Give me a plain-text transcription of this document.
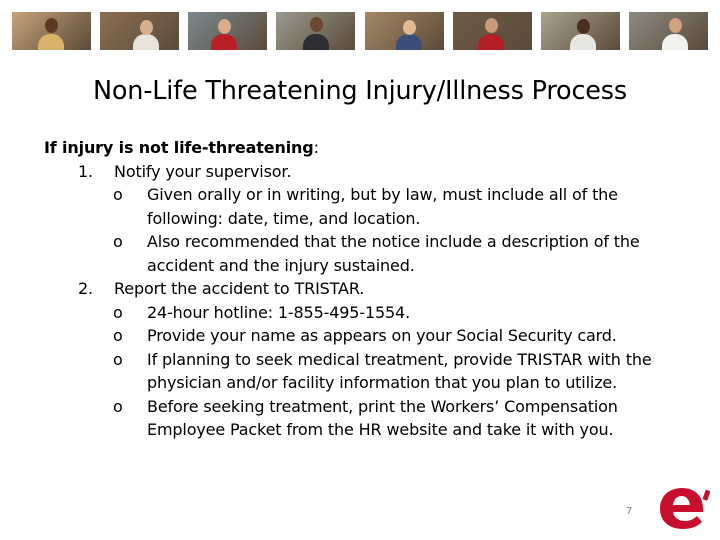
Non-Life Threatening Injury/Illness Process
If injury is not life-threatening:
1. Notify your supervisor.
o Given orally or in writing, but by law, must include all of the
following: date, time, and location.
o Also recommended that the notice include a description of the
accident and the injury sustained.
2. Report the accident to TRISTAR.
o 24-hour hotline: 1-855-495-1554.
o Provide your name as appears on your Social Security card.
o If planning to seek medical treatment, provide TRISTAR with the
physician and/or facility information that you plan to utilize.
o Before seeking treatment, print the Workers’ Compensation
Employee Packet from the HR website and take it with you.
7
